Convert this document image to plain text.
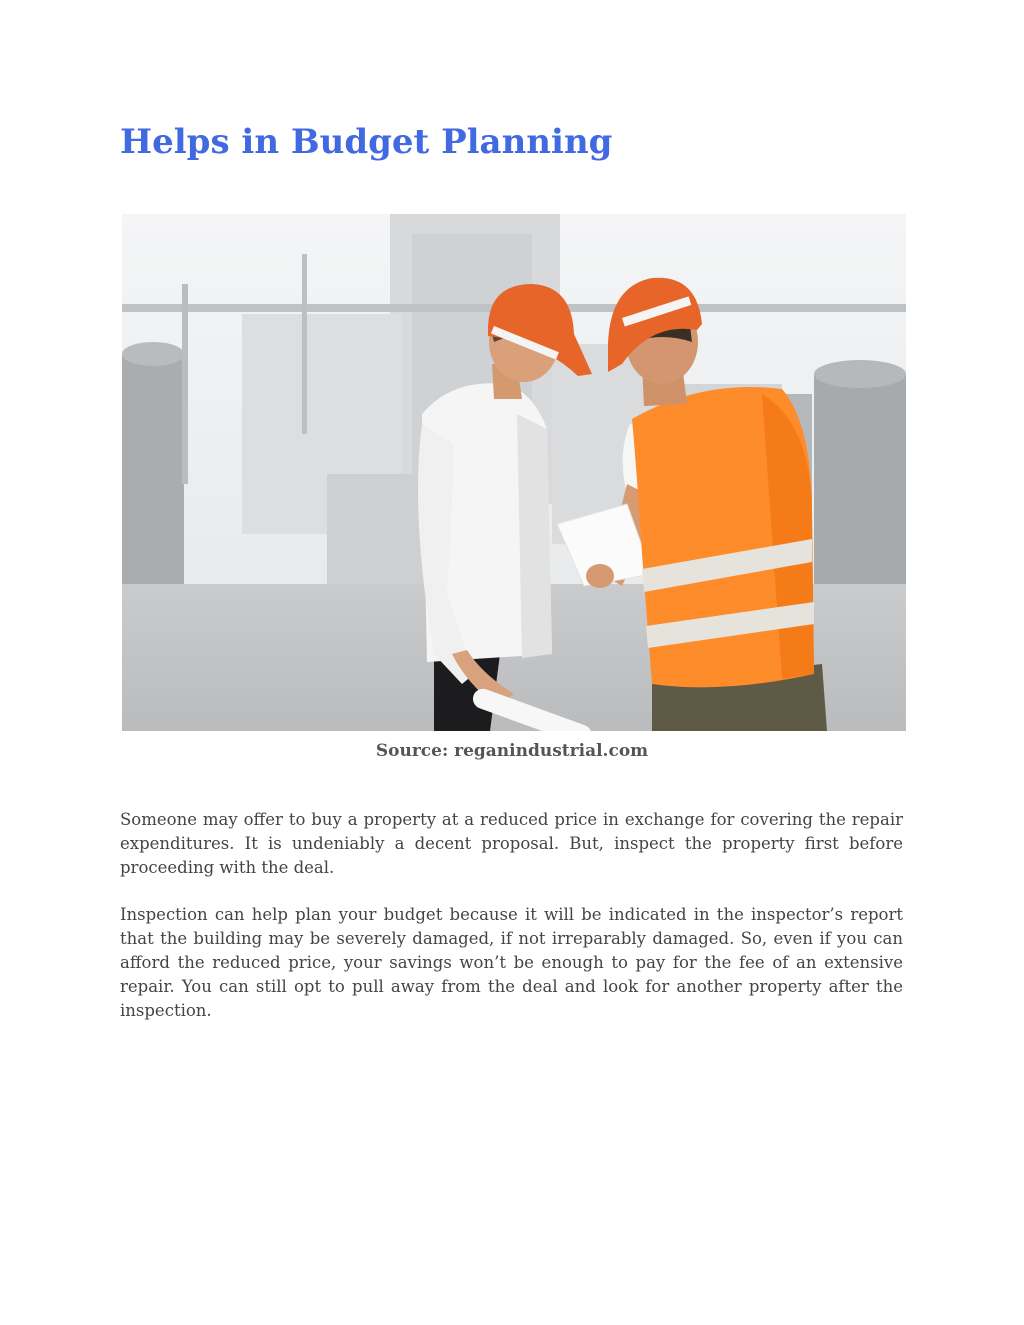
Helps in Budget Planning
Source: reganindustrial.com

Someone may offer to buy a property at a reduced price in exchange for covering the repair expenditures. It is undeniably a decent proposal. But, inspect the property first before proceeding with the deal.

Inspection can help plan your budget because it will be indicated in the inspector’s report that the building may be severely damaged, if not irreparably damaged. So, even if you can afford the reduced price, your savings won’t be enough to pay for the fee of an extensive repair. You can still opt to pull away from the deal and look for another property after the inspection.
